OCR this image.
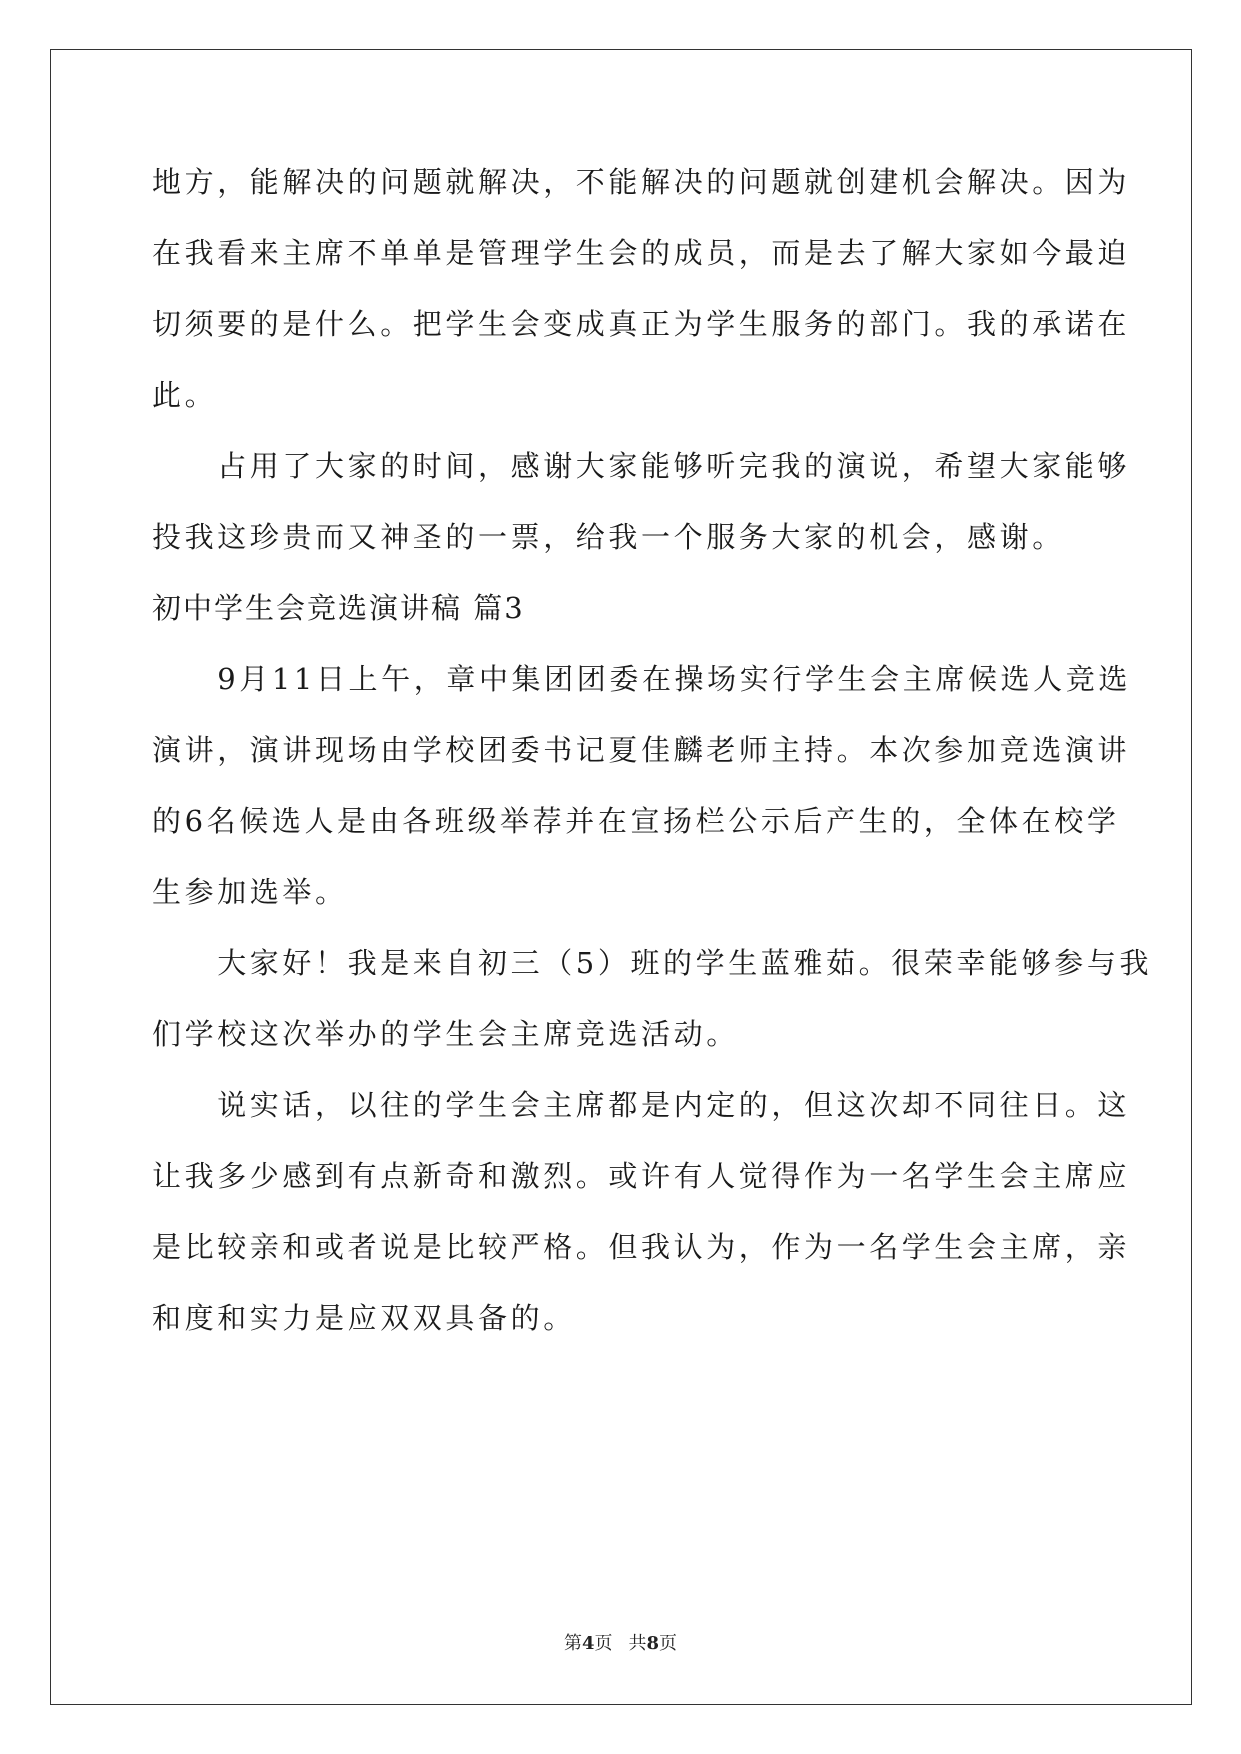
地方，能解决的问题就解决，不能解决的问题就创建机会解决。因为
在我看来主席不单单是管理学生会的成员，而是去了解大家如今最迫
切须要的是什么。把学生会变成真正为学生服务的部门。我的承诺在
此。
　　占用了大家的时间，感谢大家能够听完我的演说，希望大家能够
投我这珍贵而又神圣的一票，给我一个服务大家的机会，感谢。
初中学生会竞选演讲稿 篇3
　　9月11日上午，章中集团团委在操场实行学生会主席候选人竞选
演讲，演讲现场由学校团委书记夏佳麟老师主持。本次参加竞选演讲
的6名候选人是由各班级举荐并在宣扬栏公示后产生的，全体在校学
生参加选举。
　　大家好！我是来自初三（5）班的学生蓝雅茹。很荣幸能够参与我
们学校这次举办的学生会主席竞选活动。
　　说实话，以往的学生会主席都是内定的，但这次却不同往日。这
让我多少感到有点新奇和激烈。或许有人觉得作为一名学生会主席应
是比较亲和或者说是比较严格。但我认为，作为一名学生会主席，亲
和度和实力是应双双具备的。
第4页 共8页
